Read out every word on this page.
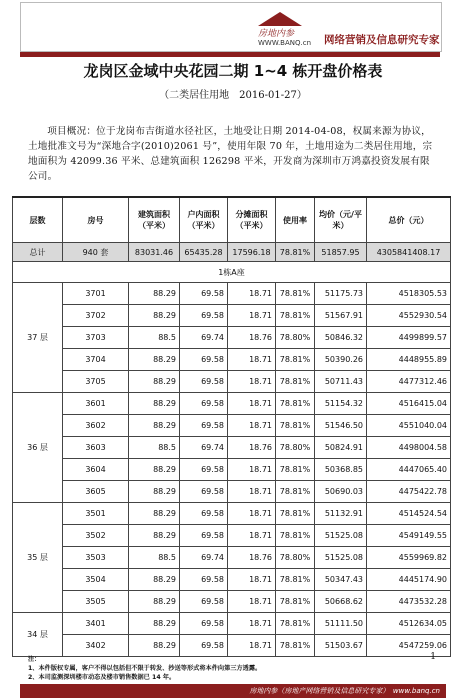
房地内参
WWW.BANQ.cn 网络营销及信息研究专家
龙岗区金域中央花园二期 1~4 栋开盘价格表
（二类居住用地　2016-01-27）
项目概况：位于龙岗布吉街道水径社区，土地受让日期 2014-04-08，权属来源为协议，土地批准文号为“深地合字(2010)2061 号”，使用年限 70 年，土地用途为二类居住用地，宗地面积为 42099.36 平米、总建筑面积 126298 平米，开发商为深圳市万鸿嘉投资发展有限公司。
层数	房号	建筑面积（平米）	户内面积（平米）	分摊面积（平米）	使用率	均价（元/平米）	总价（元）
总计	940 套	83031.46	65435.28	17596.18	78.81%	51857.95	4305841408.17
1栋A座							
37 层	3701	88.29	69.58	18.71	78.81%	51175.73	4518305.53
	3702	88.29	69.58	18.71	78.81%	51567.91	4552930.54
	3703	88.5	69.74	18.76	78.80%	50846.32	4499899.57
	3704	88.29	69.58	18.71	78.81%	50390.26	4448955.89
	3705	88.29	69.58	18.71	78.81%	50711.43	4477312.46
36 层	3601	88.29	69.58	18.71	78.81%	51154.32	4516415.04
	3602	88.29	69.58	18.71	78.81%	51546.50	4551040.04
	3603	88.5	69.74	18.76	78.80%	50824.91	4498004.58
	3604	88.29	69.58	18.71	78.81%	50368.85	4447065.40
	3605	88.29	69.58	18.71	78.81%	50690.03	4475422.78
35 层	3501	88.29	69.58	18.71	78.81%	51132.91	4514524.54
	3502	88.29	69.58	18.71	78.81%	51525.08	4549149.55
	3503	88.5	69.74	18.76	78.80%	51525.08	4559969.82
	3504	88.29	69.58	18.71	78.81%	50347.43	4445174.90
	3505	88.29	69.58	18.71	78.81%	50668.62	4473532.28
34 层	3401	88.29	69.58	18.71	78.81%	51111.50	4512634.05
	3402	88.29	69.58	18.71	78.81%	51503.67	4547259.06
1
注：
1、本件版权专属，客户不得以包括但不限于转发、抄送等形式将本件向第三方透露。
2、本司监测深圳楼市动态及楼市销售数据已 14 年。
房地内参（房地产网络营销及信息研究专家）　www.banq.cn
